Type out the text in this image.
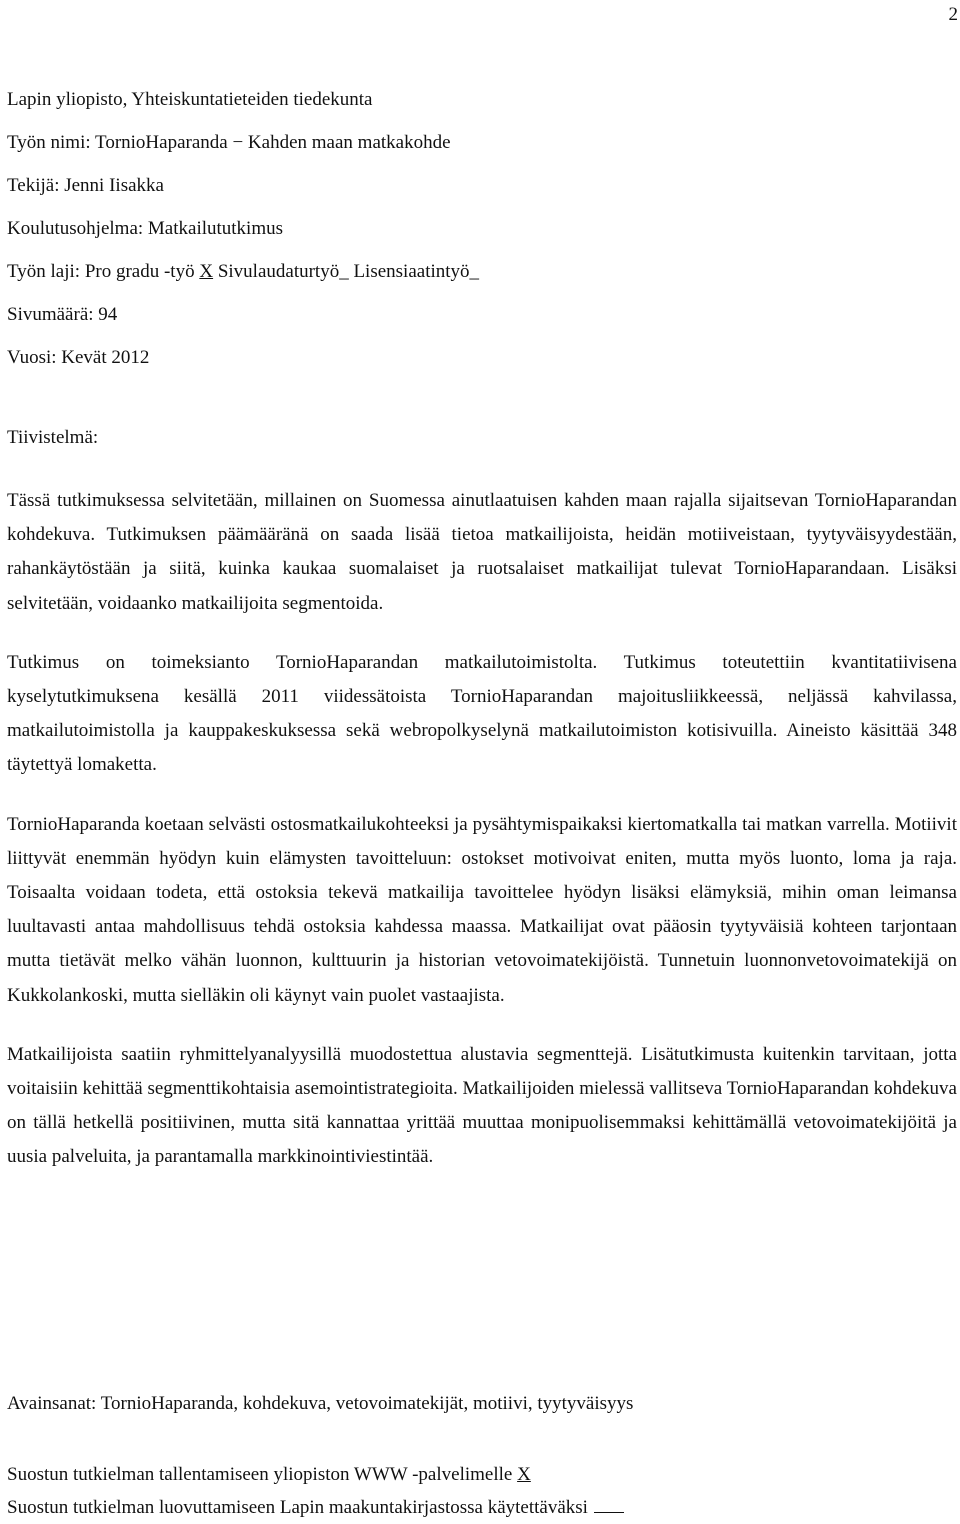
2
Lapin yliopisto, Yhteiskuntatieteiden tiedekunta
Työn nimi: TornioHaparanda − Kahden maan matkakohde
Tekijä: Jenni Iisakka
Koulutusohjelma: Matkailututkimus
Työn laji: Pro gradu -työ X Sivulaudaturtyö_ Lisensiaatintyö_
Sivumäärä: 94
Vuosi: Kevät 2012
Tiivistelmä:

Tässä tutkimuksessa selvitetään, millainen on Suomessa ainutlaatuisen kahden maan rajalla sijaitsevan TornioHaparandan kohdekuva. Tutkimuksen päämääränä on saada lisää tietoa matkailijoista, heidän motiiveistaan, tyytyväisyydestään, rahankäytöstään ja siitä, kuinka kaukaa suomalaiset ja ruotsalaiset matkailijat tulevat TornioHaparandaan. Lisäksi selvitetään, voidaanko matkailijoita segmentoida.

Tutkimus on toimeksianto TornioHaparandan matkailutoimistolta. Tutkimus toteutettiin kvantitatiivisena kyselytutkimuksena kesällä 2011 viidessätoista TornioHaparandan majoitusliikkeessä, neljässä kahvilassa, matkailutoimistolla ja kauppakeskuksessa sekä webropolkyselynä matkailutoimiston kotisivuilla. Aineisto käsittää 348 täytettyä lomaketta.

TornioHaparanda koetaan selvästi ostosmatkailukohteeksi ja pysähtymispaikaksi kiertomatkalla tai matkan varrella. Motiivit liittyvät enemmän hyödyn kuin elämysten tavoitteluun: ostokset motivoivat eniten, mutta myös luonto, loma ja raja. Toisaalta voidaan todeta, että ostoksia tekevä matkailija tavoittelee hyödyn lisäksi elämyksiä, mihin oman leimansa luultavasti antaa mahdollisuus tehdä ostoksia kahdessa maassa. Matkailijat ovat pääosin tyytyväisiä kohteen tarjontaan mutta tietävät melko vähän luonnon, kulttuurin ja historian vetovoimatekijöistä. Tunnetuin luonnonvetovoimatekijä on Kukkolankoski, mutta sielläkin oli käynyt vain puolet vastaajista.

Matkailijoista saatiin ryhmittelyanalyysillä muodostettua alustavia segmenttejä. Lisätutkimusta kuitenkin tarvitaan, jotta voitaisiin kehittää segmenttikohtaisia asemointistrategioita. Matkailijoiden mielessä vallitseva TornioHaparandan kohdekuva on tällä hetkellä positiivinen, mutta sitä kannattaa yrittää muuttaa monipuolisemmaksi kehittämällä vetovoimatekijöitä ja uusia palveluita, ja parantamalla markkinointiviestintää.

Avainsanat: TornioHaparanda, kohdekuva, vetovoimatekijät, motiivi, tyytyväisyys
Suostun tutkielman tallentamiseen yliopiston WWW -palvelimelle X
Suostun tutkielman luovuttamiseen Lapin maakuntakirjastossa käytettäväksi
